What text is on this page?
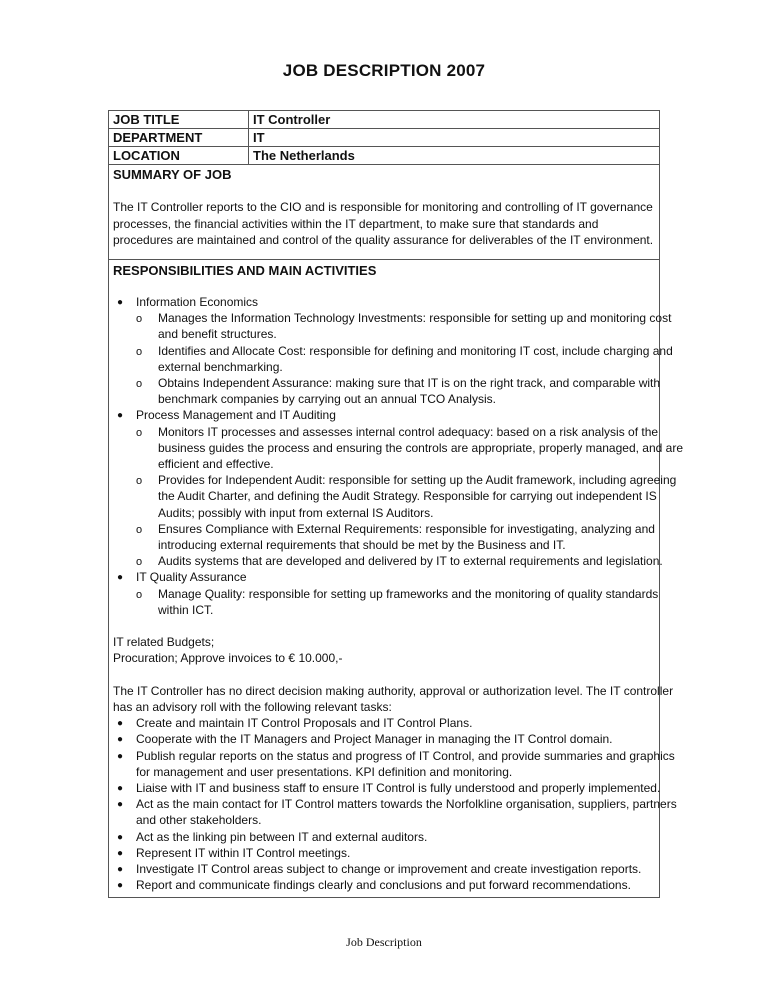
JOB DESCRIPTION 2007
JOB TITLE	IT Controller
DEPARTMENT	IT
LOCATION	The Netherlands
SUMMARY OF JOB

The IT Controller reports to the CIO and is responsible for monitoring and controlling of IT governance processes, the financial activities within the IT department, to make sure that standards and procedures are maintained and control of the quality assurance for deliverables of the IT environment.

RESPONSIBILITIES AND MAIN ACTIVITIES
● Information Economics
o Manages the Information Technology Investments: responsible for setting up and monitoring cost
and benefit structures.
o Identifies and Allocate Cost: responsible for defining and monitoring IT cost, include charging and
external benchmarking.
o Obtains Independent Assurance: making sure that IT is on the right track, and comparable with
benchmark companies by carrying out an annual TCO Analysis.
● Process Management and IT Auditing
o Monitors IT processes and assesses internal control adequacy: based on a risk analysis of the
business guides the process and ensuring the controls are appropriate, properly managed, and are
efficient and effective.
o Provides for Independent Audit: responsible for setting up the Audit framework, including agreeing
the Audit Charter, and defining the Audit Strategy. Responsible for carrying out independent IS
Audits; possibly with input from external IS Auditors.
o Ensures Compliance with External Requirements: responsible for investigating, analyzing and
introducing external requirements that should be met by the Business and IT.
o Audits systems that are developed and delivered by IT to external requirements and legislation.
● IT Quality Assurance
o Manage Quality: responsible for setting up frameworks and the monitoring of quality standards
within ICT.
IT related Budgets;
Procuration; Approve invoices to € 10.000,-
The IT Controller has no direct decision making authority, approval or authorization level. The IT controller
has an advisory roll with the following relevant tasks:
● Create and maintain IT Control Proposals and IT Control Plans.
● Cooperate with the IT Managers and Project Manager in managing the IT Control domain.
● Publish regular reports on the status and progress of IT Control, and provide summaries and graphics
for management and user presentations. KPI definition and monitoring.
● Liaise with IT and business staff to ensure IT Control is fully understood and properly implemented.
● Act as the main contact for IT Control matters towards the Norfolkline organisation, suppliers, partners
and other stakeholders.
● Act as the linking pin between IT and external auditors.
● Represent IT within IT Control meetings.
● Investigate IT Control areas subject to change or improvement and create investigation reports.
● Report and communicate findings clearly and conclusions and put forward recommendations.
Job Description
